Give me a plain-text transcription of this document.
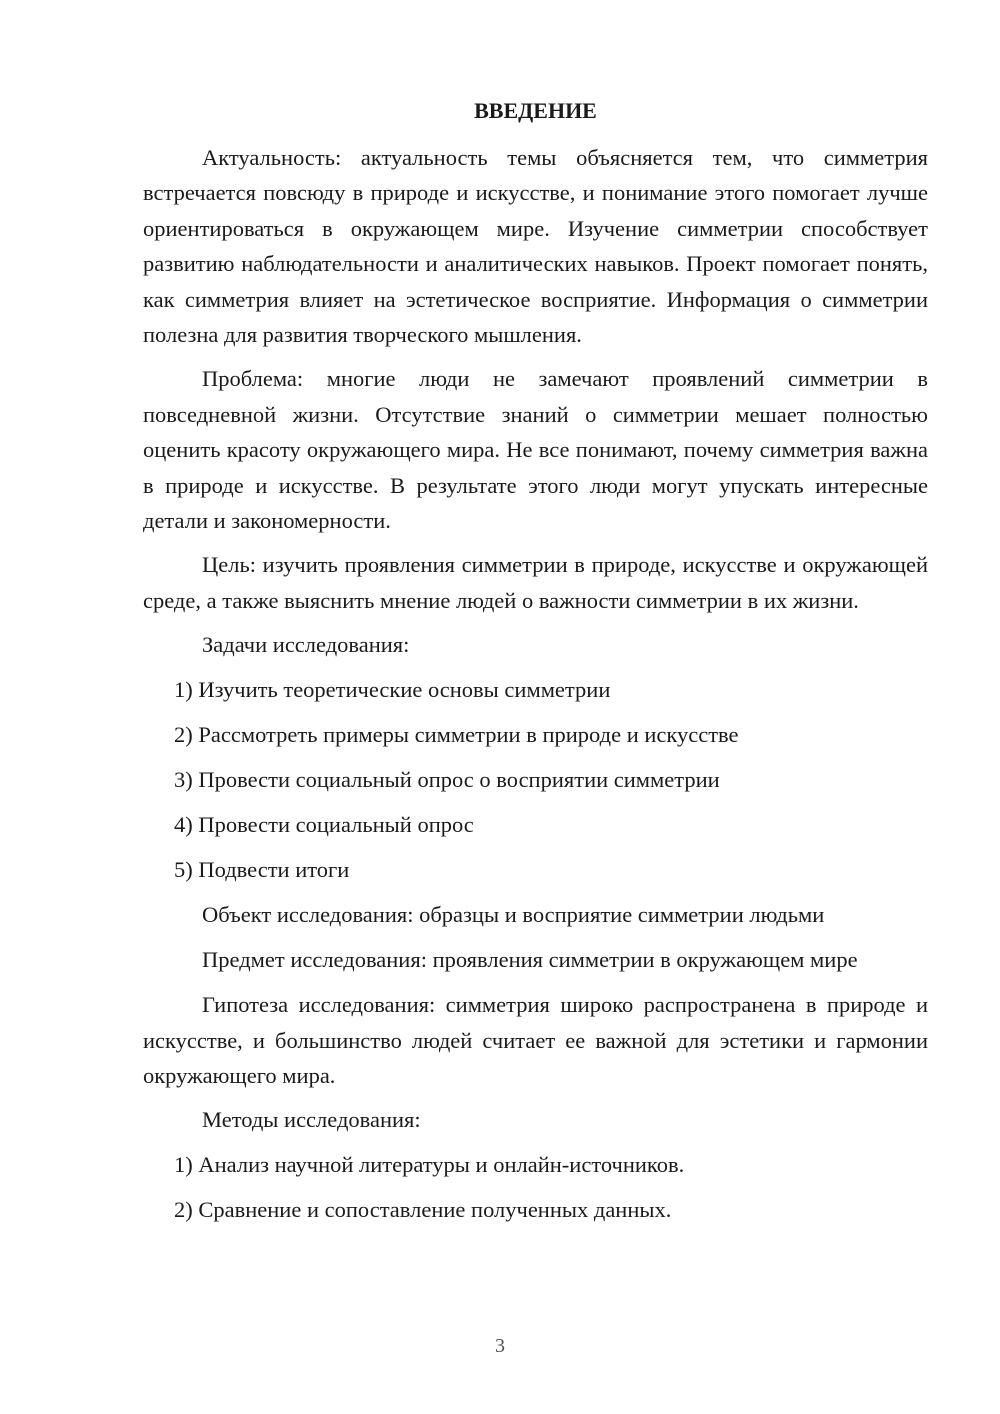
ВВЕДЕНИЕ

Актуальность: актуальность темы объясняется тем, что симметрия встречается повсюду в природе и искусстве, и понимание этого помогает лучше ориентироваться в окружающем мире. Изучение симметрии способствует развитию наблюдательности и аналитических навыков. Проект помогает понять, как симметрия влияет на эстетическое восприятие. Информация о симметрии полезна для развития творческого мышления.

Проблема: многие люди не замечают проявлений симметрии в повседневной жизни. Отсутствие знаний о симметрии мешает полностью оценить красоту окружающего мира. Не все понимают, почему симметрия важна в природе и искусстве. В результате этого люди могут упускать интересные детали и закономерности.

Цель: изучить проявления симметрии в природе, искусстве и окружающей среде, а также выяснить мнение людей о важности симметрии в их жизни.

Задачи исследования:
1) Изучить теоретические основы симметрии
2) Рассмотреть примеры симметрии в природе и искусстве
3) Провести социальный опрос о восприятии симметрии
4) Провести социальный опрос
5) Подвести итоги
Объект исследования: образцы и восприятие симметрии людьми
Предмет исследования: проявления симметрии в окружающем мире

Гипотеза исследования: симметрия широко распространена в природе и искусстве, и большинство людей считает ее важной для эстетики и гармонии окружающего мира.

Методы исследования:
1) Анализ научной литературы и онлайн-источников.
2) Сравнение и сопоставление полученных данных.
3
